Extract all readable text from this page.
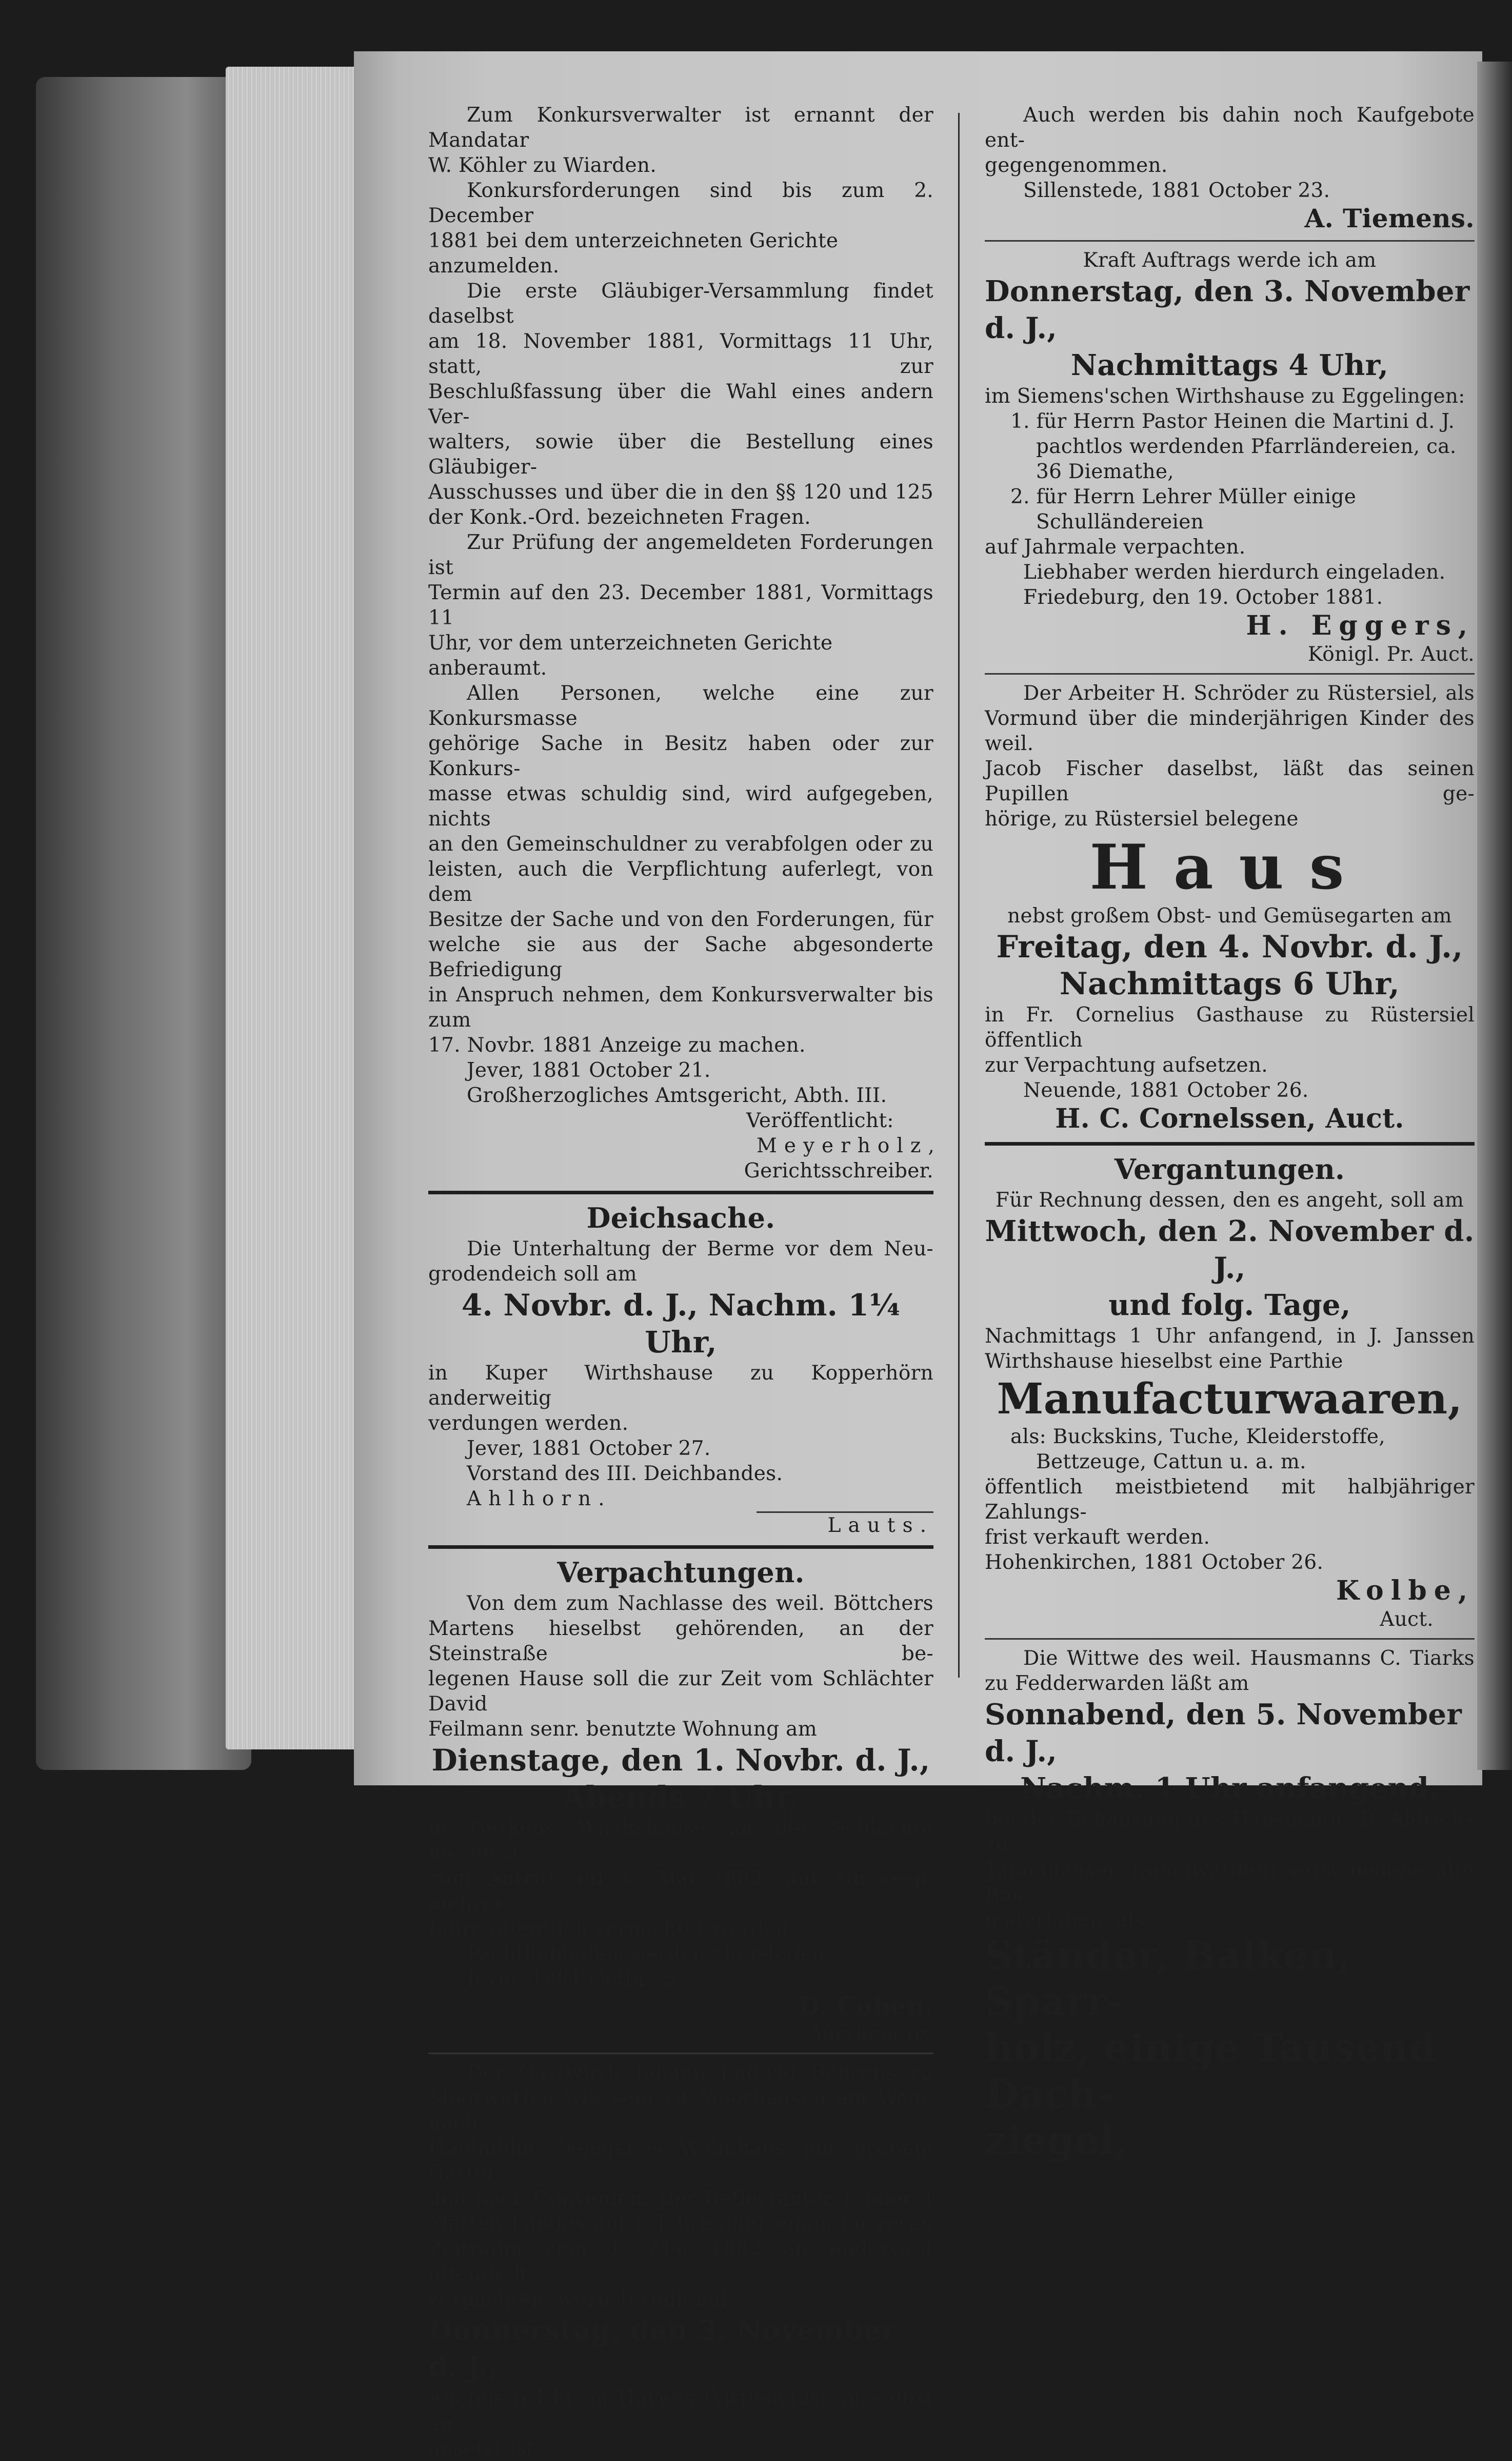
Zum Konkursverwalter ist ernannt der Mandatar

W. Köhler zu Wiarden.

Konkursforderungen sind bis zum 2. December

1881 bei dem unterzeichneten Gerichte anzumelden.

Die erste Gläubiger-Versammlung findet daselbst

am 18. November 1881, Vormittags 11 Uhr, statt, zur

Beschlußfassung über die Wahl eines andern Ver-

walters, sowie über die Bestellung eines Gläubiger-

Ausschusses und über die in den §§ 120 und 125

der Konk.-Ord. bezeichneten Fragen.

Zur Prüfung der angemeldeten Forderungen ist

Termin auf den 23. December 1881, Vormittags 11

Uhr, vor dem unterzeichneten Gerichte anberaumt.

Allen Personen, welche eine zur Konkursmasse

gehörige Sache in Besitz haben oder zur Konkurs-

masse etwas schuldig sind, wird aufgegeben, nichts

an den Gemeinschuldner zu verabfolgen oder zu

leisten, auch die Verpflichtung auferlegt, von dem

Besitze der Sache und von den Forderungen, für

welche sie aus der Sache abgesonderte Befriedigung

in Anspruch nehmen, dem Konkursverwalter bis zum

17. Novbr. 1881 Anzeige zu machen.

Jever, 1881 October 21.

Großherzogliches Amtsgericht, Abth. III.

Veröffentlicht:

Meyerholz,

Gerichtsschreiber.

Deichsache.

Die Unterhaltung der Berme vor dem Neu-

grodendeich soll am

4. Novbr. d. J., Nachm. 1¼ Uhr,

in Kuper Wirthshause zu Kopperhörn anderweitig

verdungen werden.

Jever, 1881 October 27.

Vorstand des III. Deichbandes.

Ahlhorn.

Lauts.

Verpachtungen.

Von dem zum Nachlasse des weil. Böttchers

Martens hieselbst gehörenden, an der Steinstraße be-

legenen Hause soll die zur Zeit vom Schlächter David

Feilmann senr. benutzte Wohnung am

Dienstage, den 1. Novbr. d. J.,

Abends 7 Uhr,

in Gerkens Wirthshause an der Schlachte hieselbst

zum Antritt auf 1. Mai 1882, auf ein resp. mehrer

Jahre öffentlich verpachtet werden.

Pachtliebhaber werden eingeladen.

Jever, 1881 Octbr. 26.

D. Cohen,

Auctionator.

Der Gastwirth Johann Ludwig Behrens zu

Moorwarfen will sein zu Moorhausen am Wege nach

Haidmühle belegenes Wohnhaus mit großem Garten

und nach Convenienz der Reflectanten 6 oder 4

Matten Landes auf 6 Jahre oder einen kürzeren

Zeitraum vom 1. Mai 1882 an anderweit öffentlich

verpachten, wozu Termin auf

Donnerstag, den 3. November d. J.,

Abends 6 Uhr, in Hayens Wirthshause hieselbst an-

gesetzt ist.

Auch werden bis dahin noch Kaufgebote ent-

gegengenommen.

Sillenstede, 1881 October 23.

A. Tiemens.

Kraft Auftrags werde ich am

Donnerstag, den 3. November d. J.,

Nachmittags 4 Uhr,

im Siemens'schen Wirthshause zu Eggelingen:

1. für Herrn Pastor Heinen die Martini d. J. pachtlos werdenden Pfarrländereien, ca. 36 Diemathe,

2. für Herrn Lehrer Müller einige Schulländereien

auf Jahrmale verpachten.

Liebhaber werden hierdurch eingeladen.

Friedeburg, den 19. October 1881.

H. Eggers,

Königl. Pr. Auct.

Der Arbeiter H. Schröder zu Rüstersiel, als

Vormund über die minderjährigen Kinder des weil.

Jacob Fischer daselbst, läßt das seinen Pupillen ge-

hörige, zu Rüstersiel belegene

Haus

nebst großem Obst- und Gemüsegarten am

Freitag, den 4. Novbr. d. J.,

Nachmittags 6 Uhr,

in Fr. Cornelius Gasthause zu Rüstersiel öffentlich

zur Verpachtung aufsetzen.

Neuende, 1881 October 26.

H. C. Cornelssen, Auct.

Vergantungen.

Für Rechnung dessen, den es angeht, soll am

Mittwoch, den 2. November d. J.,

und folg. Tage,

Nachmittags 1 Uhr anfangend, in J. Janssen

Wirthshause hieselbst eine Parthie

Manufacturwaaren,

als: Buckskins, Tuche, Kleiderstoffe, Bettzeuge, Cattun u. a. m.

öffentlich meistbietend mit halbjähriger Zahlungs-

frist verkauft werden.

Hohenkirchen, 1881 October 26.

Kolbe,

Auct.

Die Wittwe des weil. Hausmanns C. Tiarks

zu Fedderwarden läßt am

Sonnabend, den 5. November d. J.,

Nachm. 1 Uhr anfangend,

bei der Behausung des Hausmanns B. Ahlrichs zu

Tammhausen (Sengwarden) verschiedene alte Bau-

materialien, als:

Ständer, Balken, Sparr-

holz, einige Tausend Dach-

ziegel,
